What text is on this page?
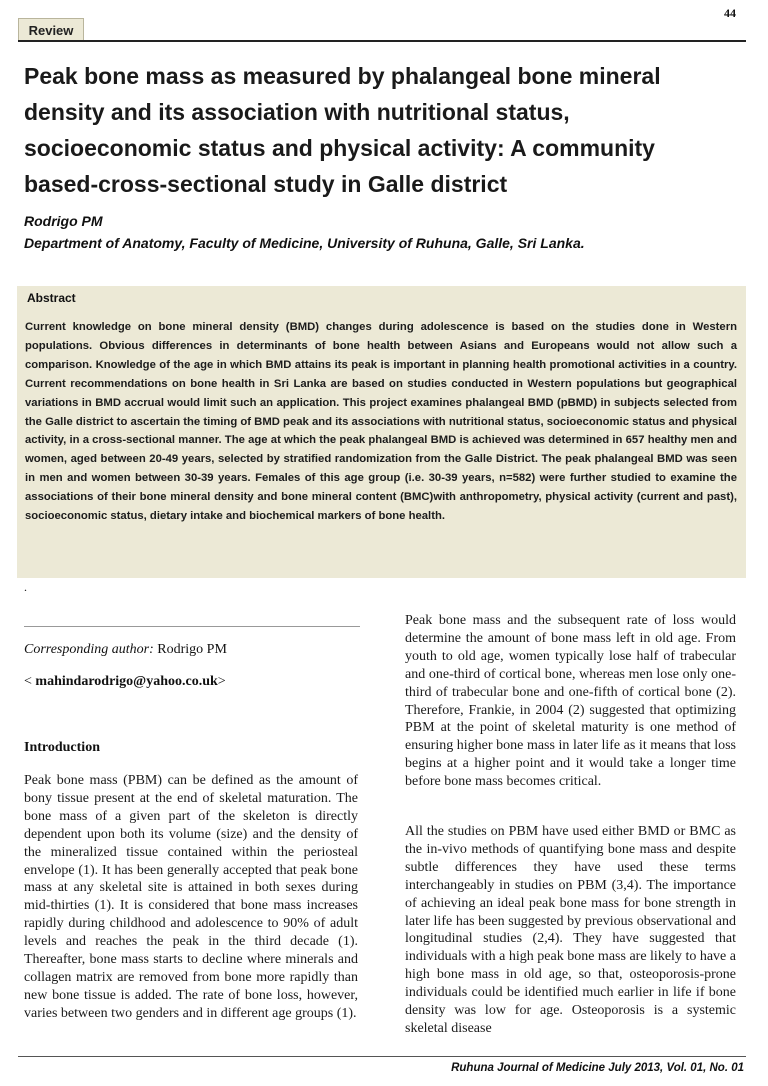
44
Review
Peak bone mass as measured by phalangeal bone mineral density and its association with nutritional status, socioeconomic status and physical activity: A community based-cross-sectional study in Galle district
Rodrigo PM
Department of Anatomy, Faculty of Medicine, University of Ruhuna, Galle, Sri Lanka.
Abstract

Current knowledge on bone mineral density (BMD) changes during adolescence is based on the studies done in Western populations. Obvious differences in determinants of bone health between Asians and Europeans would not allow such a comparison. Knowledge of the age in which BMD attains its peak is important in planning health promotional activities in a country. Current recommendations on bone health in Sri Lanka are based on studies conducted in Western populations but geographical variations in BMD accrual would limit such an application. This project examines phalangeal BMD (pBMD) in subjects selected from the Galle district to ascertain the timing of BMD peak and its associations with nutritional status, socioeconomic status and physical activity, in a cross-sectional manner. The age at which the peak phalangeal BMD is achieved was determined in 657 healthy men and women, aged between 20-49 years, selected by stratified randomization from the Galle District. The peak phalangeal BMD was seen in men and women between 30-39 years. Females of this age group (i.e. 30-39 years, n=582) were further studied to examine the associations of their bone mineral density and bone mineral content (BMC)with anthropometry, physical activity (current and past), socioeconomic status, dietary intake and biochemical markers of bone health.

.
Corresponding author: Rodrigo PM
< mahindarodrigo@yahoo.co.uk>
Introduction

Peak bone mass (PBM) can be defined as the amount of bony tissue present at the end of skeletal maturation. The bone mass of a given part of the skeleton is directly dependent upon both its volume (size) and the density of the mineralized tissue contained within the periosteal envelope (1). It has been generally accepted that peak bone mass at any skeletal site is attained in both sexes during mid-thirties (1). It is considered that bone mass increases rapidly during childhood and adolescence to 90% of adult levels and reaches the peak in the third decade (1). Thereafter, bone mass starts to decline where minerals and collagen matrix are removed from bone more rapidly than new bone tissue is added. The rate of bone loss, however, varies between two genders and in different age groups (1).

Peak bone mass and the subsequent rate of loss would determine the amount of bone mass left in old age. From youth to old age, women typically lose half of trabecular and one-third of cortical bone, whereas men lose only one-third of trabecular bone and one-fifth of cortical bone (2). Therefore, Frankie, in 2004 (2) suggested that optimizing PBM at the point of skeletal maturity is one method of ensuring higher bone mass in later life as it means that loss begins at a higher point and it would take a longer time before bone mass becomes critical.

All the studies on PBM have used either BMD or BMC as the in-vivo methods of quantifying bone mass and despite subtle differences they have used these terms interchangeably in studies on PBM (3,4). The importance of achieving an ideal peak bone mass for bone strength in later life has been suggested by previous observational and longitudinal studies (2,4). They have suggested that individuals with a high peak bone mass are likely to have a high bone mass in old age, so that, osteoporosis-prone individuals could be identified much earlier in life if bone density was low for age. Osteoporosis is a systemic skeletal disease

Ruhuna Journal of Medicine July 2013, Vol. 01, No. 01
